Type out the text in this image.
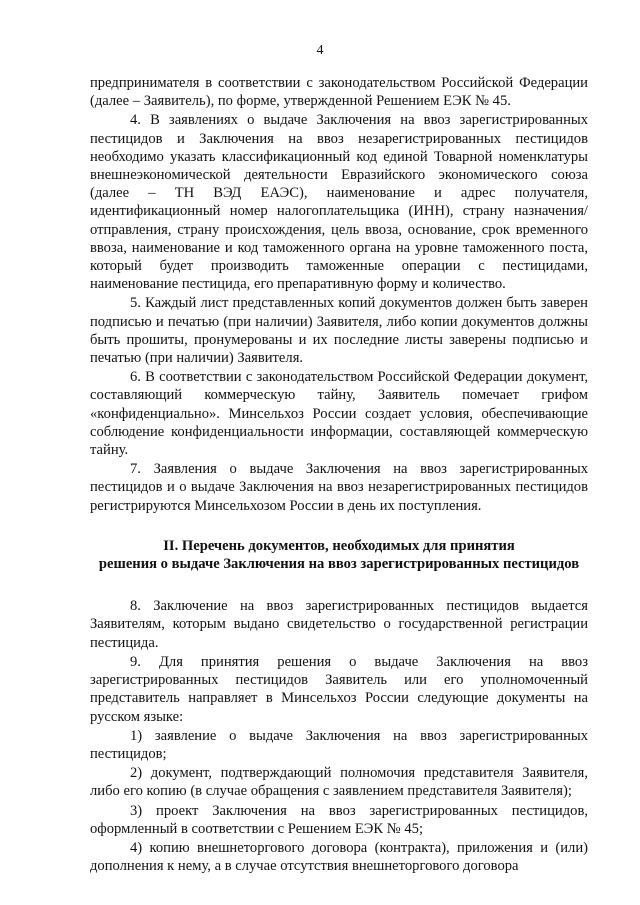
4

предпринимателя в соответствии с законодательством Российской Федерации (далее – Заявитель), по форме, утвержденной Решением ЕЭК № 45.

4. В заявлениях о выдаче Заключения на ввоз зарегистрированных пестицидов и Заключения на ввоз незарегистрированных пестицидов необходимо указать классификационный код единой Товарной номенклатуры внешнеэкономической деятельности Евразийского экономического союза (далее – ТН ВЭД ЕАЭС), наименование и адрес получателя, идентификационный номер налогоплательщика (ИНН), страну назначения/отправления, страну происхождения, цель ввоза, основание, срок временного ввоза, наименование и код таможенного органа на уровне таможенного поста, который будет производить таможенные операции с пестицидами, наименование пестицида, его препаративную форму и количество.

5. Каждый лист представленных копий документов должен быть заверен подписью и печатью (при наличии) Заявителя, либо копии документов должны быть прошиты, пронумерованы и их последние листы заверены подписью и печатью (при наличии) Заявителя.

6. В соответствии с законодательством Российской Федерации документ, составляющий коммерческую тайну, Заявитель помечает грифом «конфиденциально». Минсельхоз России создает условия, обеспечивающие соблюдение конфиденциальности информации, составляющей коммерческую тайну.

7. Заявления о выдаче Заключения на ввоз зарегистрированных пестицидов и о выдаче Заключения на ввоз незарегистрированных пестицидов регистрируются Минсельхозом России в день их поступления.

II. Перечень документов, необходимых для принятия
решения о выдаче Заключения на ввоз зарегистрированных пестицидов

8. Заключение на ввоз зарегистрированных пестицидов выдается Заявителям, которым выдано свидетельство о государственной регистрации пестицида.

9. Для принятия решения о выдаче Заключения на ввоз зарегистрированных пестицидов Заявитель или его уполномоченный представитель направляет в Минсельхоз России следующие документы на русском языке:

1) заявление о выдаче Заключения на ввоз зарегистрированных пестицидов;

2) документ, подтверждающий полномочия представителя Заявителя, либо его копию (в случае обращения с заявлением представителя Заявителя);

3) проект Заключения на ввоз зарегистрированных пестицидов, оформленный в соответствии с Решением ЕЭК № 45;

4) копию внешнеторгового договора (контракта), приложения и (или) дополнения к нему, а в случае отсутствия внешнеторгового договора
